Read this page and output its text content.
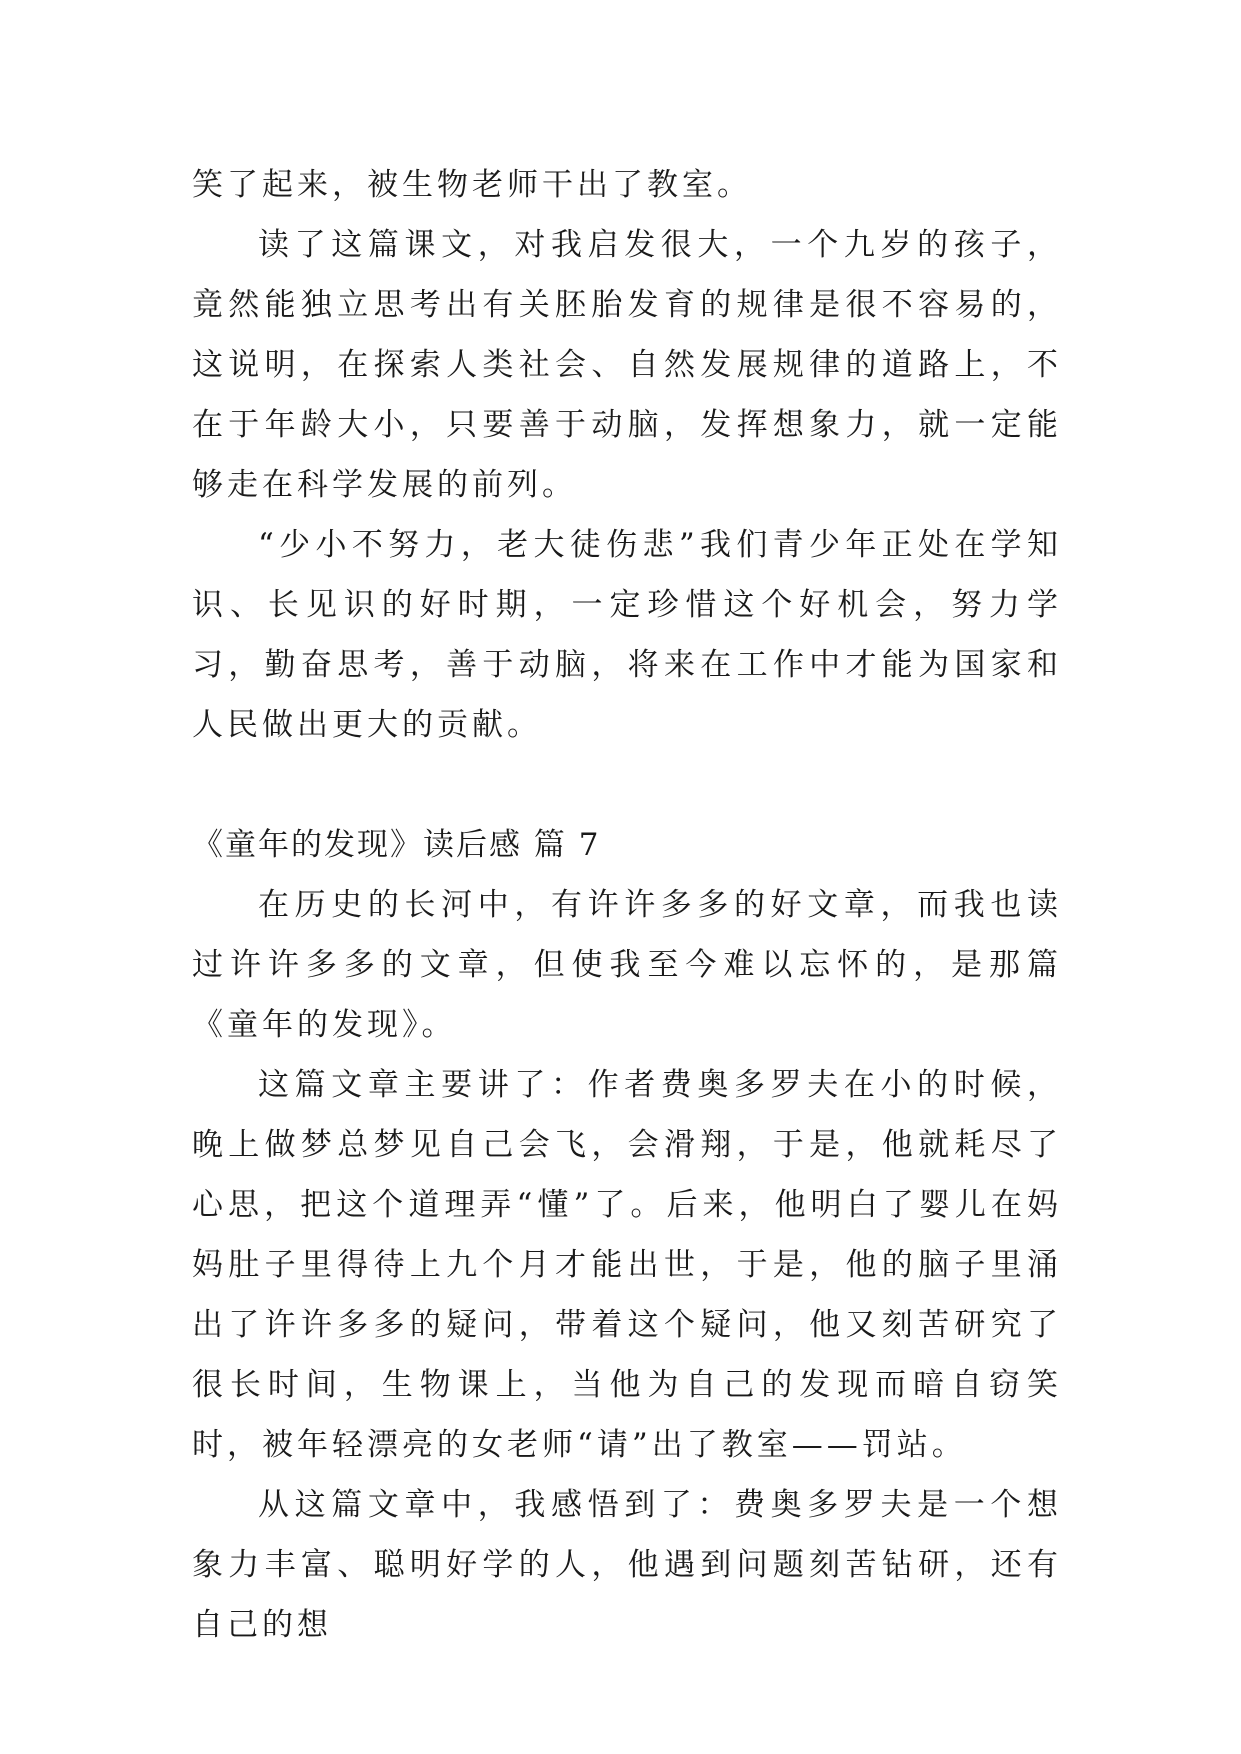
笑了起来，被生物老师干出了教室。

读了这篇课文，对我启发很大，一个九岁的孩子，竟然能独立思考出有关胚胎发育的规律是很不容易的，这说明，在探索人类社会、自然发展规律的道路上，不在于年龄大小，只要善于动脑，发挥想象力，就一定能够走在科学发展的前列。

“少小不努力，老大徒伤悲”我们青少年正处在学知识、长见识的好时期，一定珍惜这个好机会，努力学习，勤奋思考，善于动脑，将来在工作中才能为国家和人民做出更大的贡献。

《童年的发现》读后感 篇 7

在历史的长河中，有许许多多的好文章，而我也读过许许多多的文章，但使我至今难以忘怀的，是那篇《童年的发现》。

这篇文章主要讲了：作者费奥多罗夫在小的时候，晚上做梦总梦见自己会飞，会滑翔，于是，他就耗尽了心思，把这个道理弄“懂”了。后来，他明白了婴儿在妈妈肚子里得待上九个月才能出世，于是，他的脑子里涌出了许许多多的疑问，带着这个疑问，他又刻苦研究了很长时间，生物课上，当他为自己的发现而暗自窃笑时，被年轻漂亮的女老师“请”出了教室——罚站。

从这篇文章中，我感悟到了：费奥多罗夫是一个想象力丰富、聪明好学的人，他遇到问题刻苦钻研，还有自己的想
